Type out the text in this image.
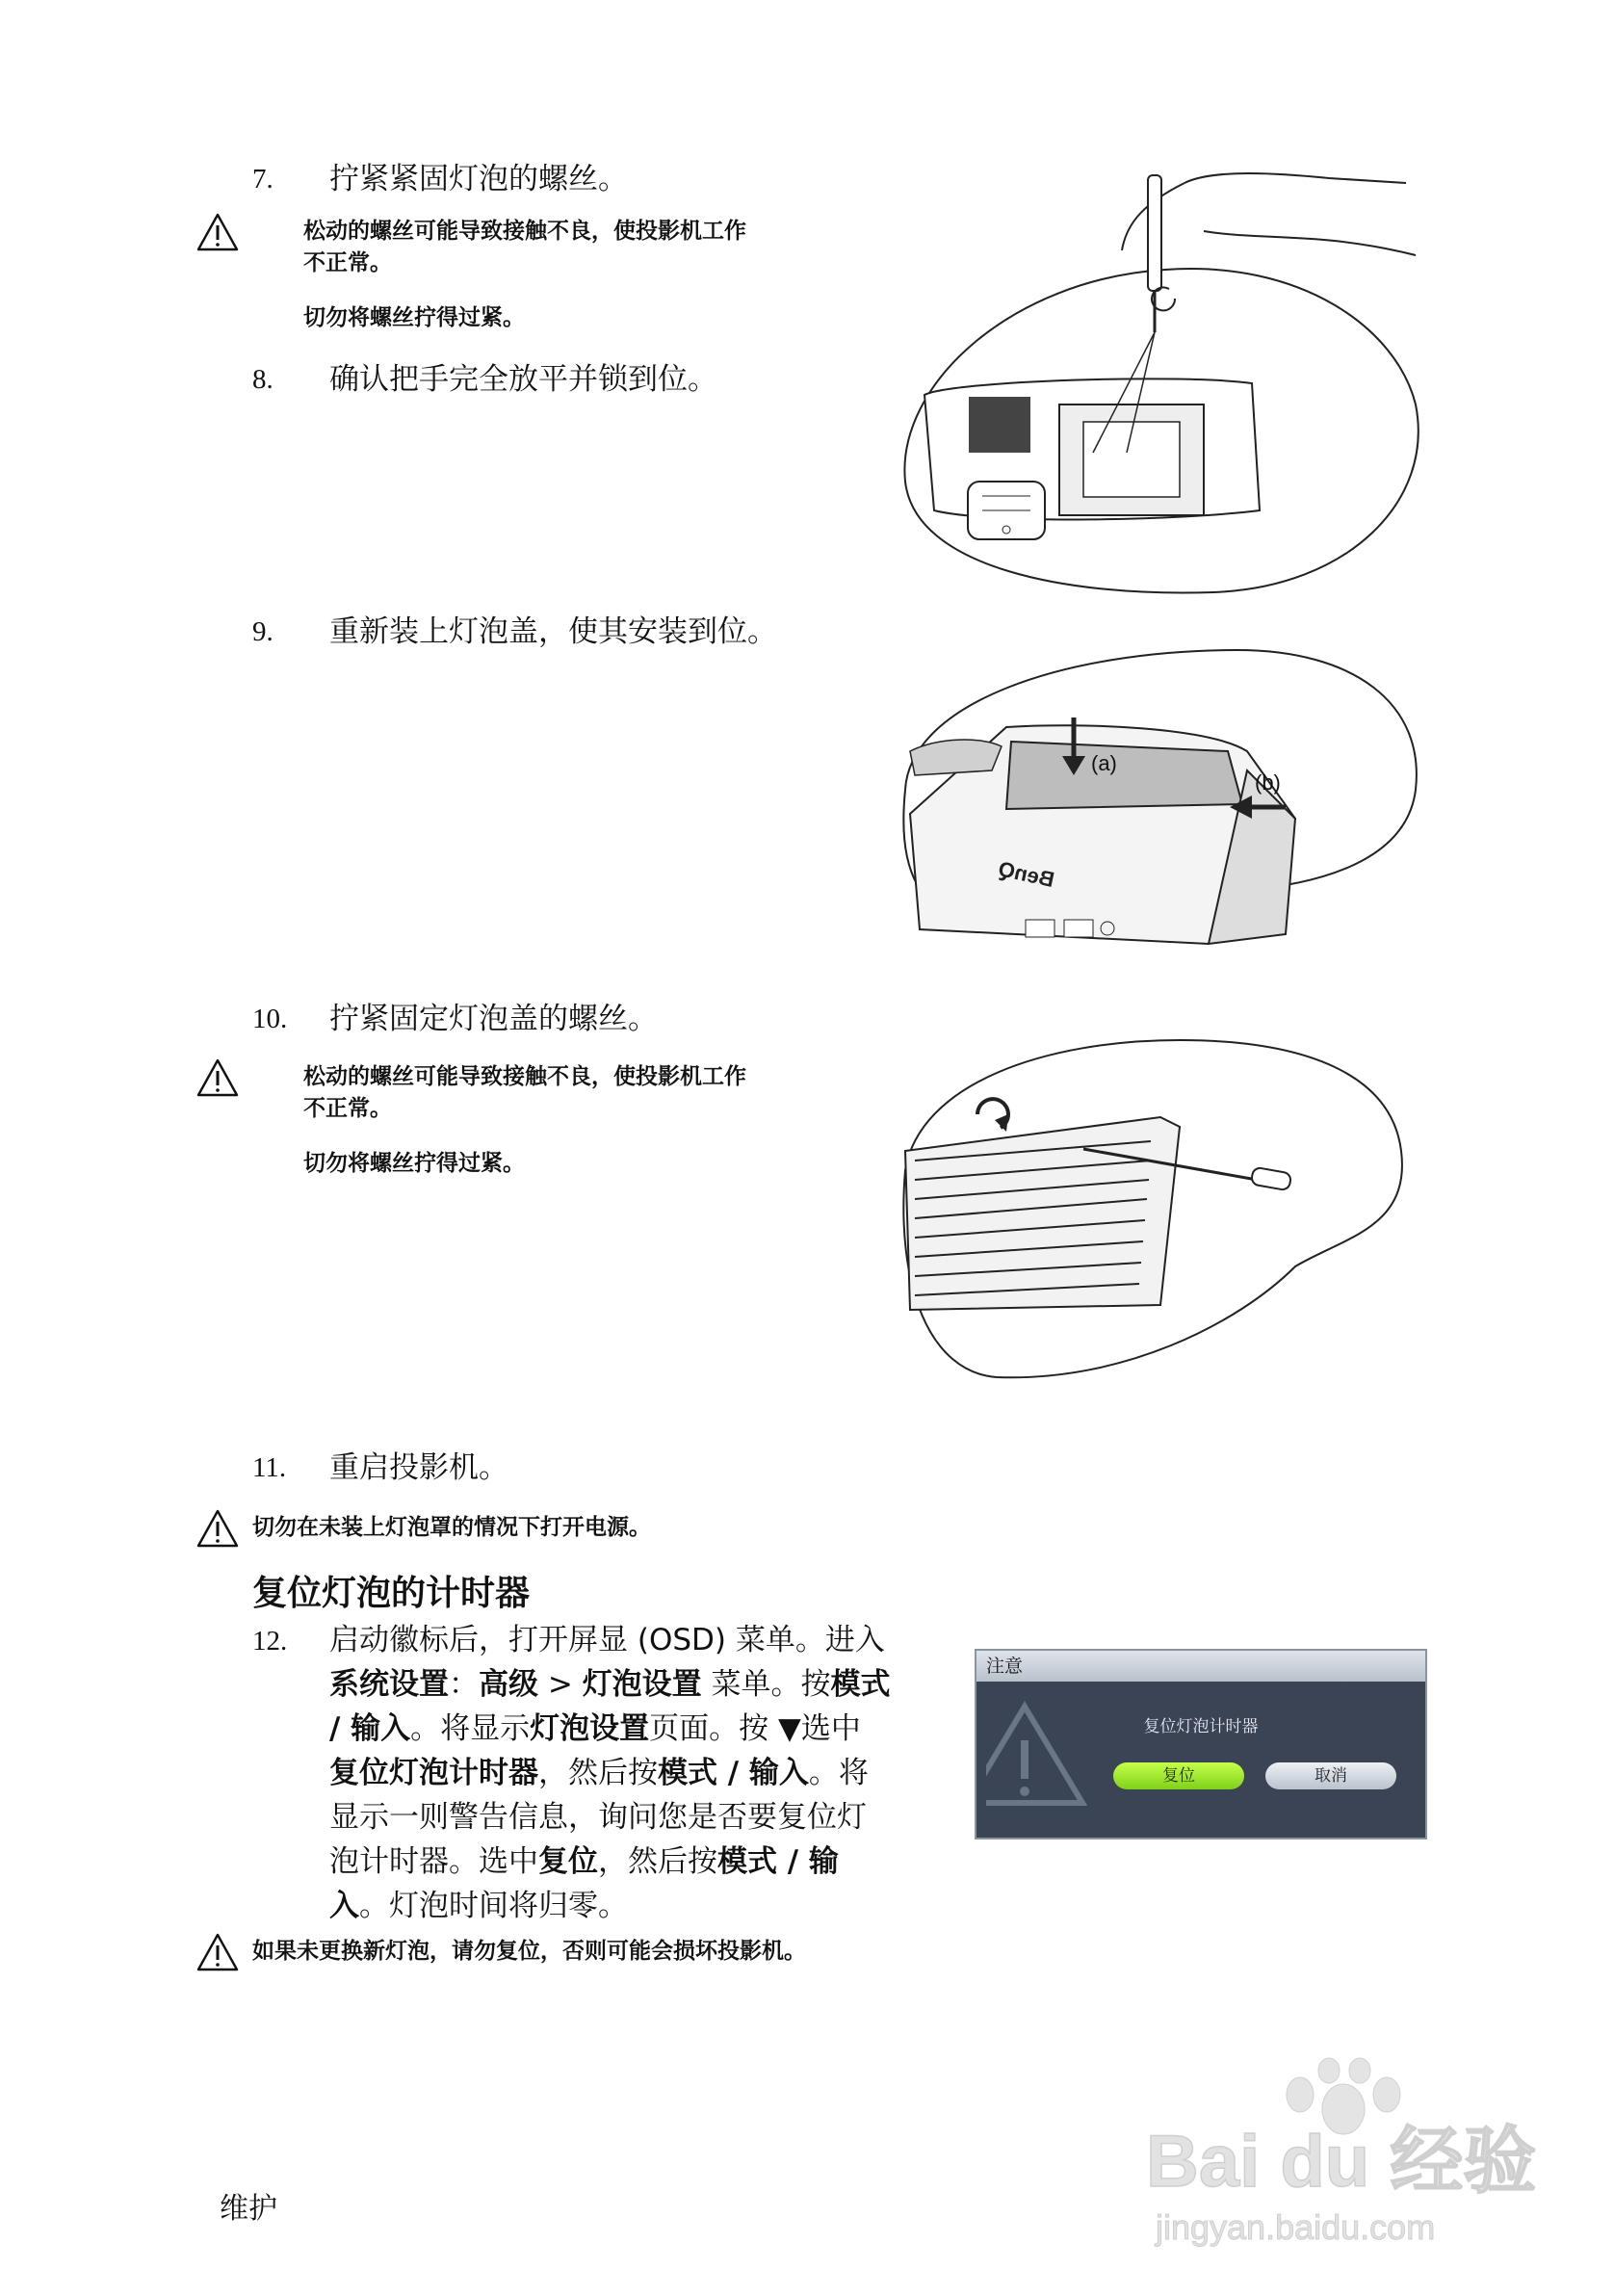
7. 拧紧紧固灯泡的螺丝。
松动的螺丝可能导致接触不良，使投影机工作
不正常。
切勿将螺丝拧得过紧。
8. 确认把手完全放平并锁到位。
9. 重新装上灯泡盖，使其安装到位。
(a)
(b)
BenQ
10. 拧紧固定灯泡盖的螺丝。
松动的螺丝可能导致接触不良，使投影机工作
不正常。
切勿将螺丝拧得过紧。
11. 重启投影机。
切勿在未装上灯泡罩的情况下打开电源。
复位灯泡的计时器
12. 启动徽标后，打开屏显 (OSD) 菜单。进入
系统设置：高级 > 灯泡设置 菜单。按模式
/ 输入。将显示灯泡设置页面。按 ▼选中
复位灯泡计时器，然后按模式 / 输入。将
显示一则警告信息，询问您是否要复位灯
泡计时器。选中复位，然后按模式 / 输
入。灯泡时间将归零。
注意
复位灯泡计时器
复位	取消
如果未更换新灯泡，请勿复位，否则可能会损坏投影机。
维护
Bai du 经验
jingyan.baidu.com
